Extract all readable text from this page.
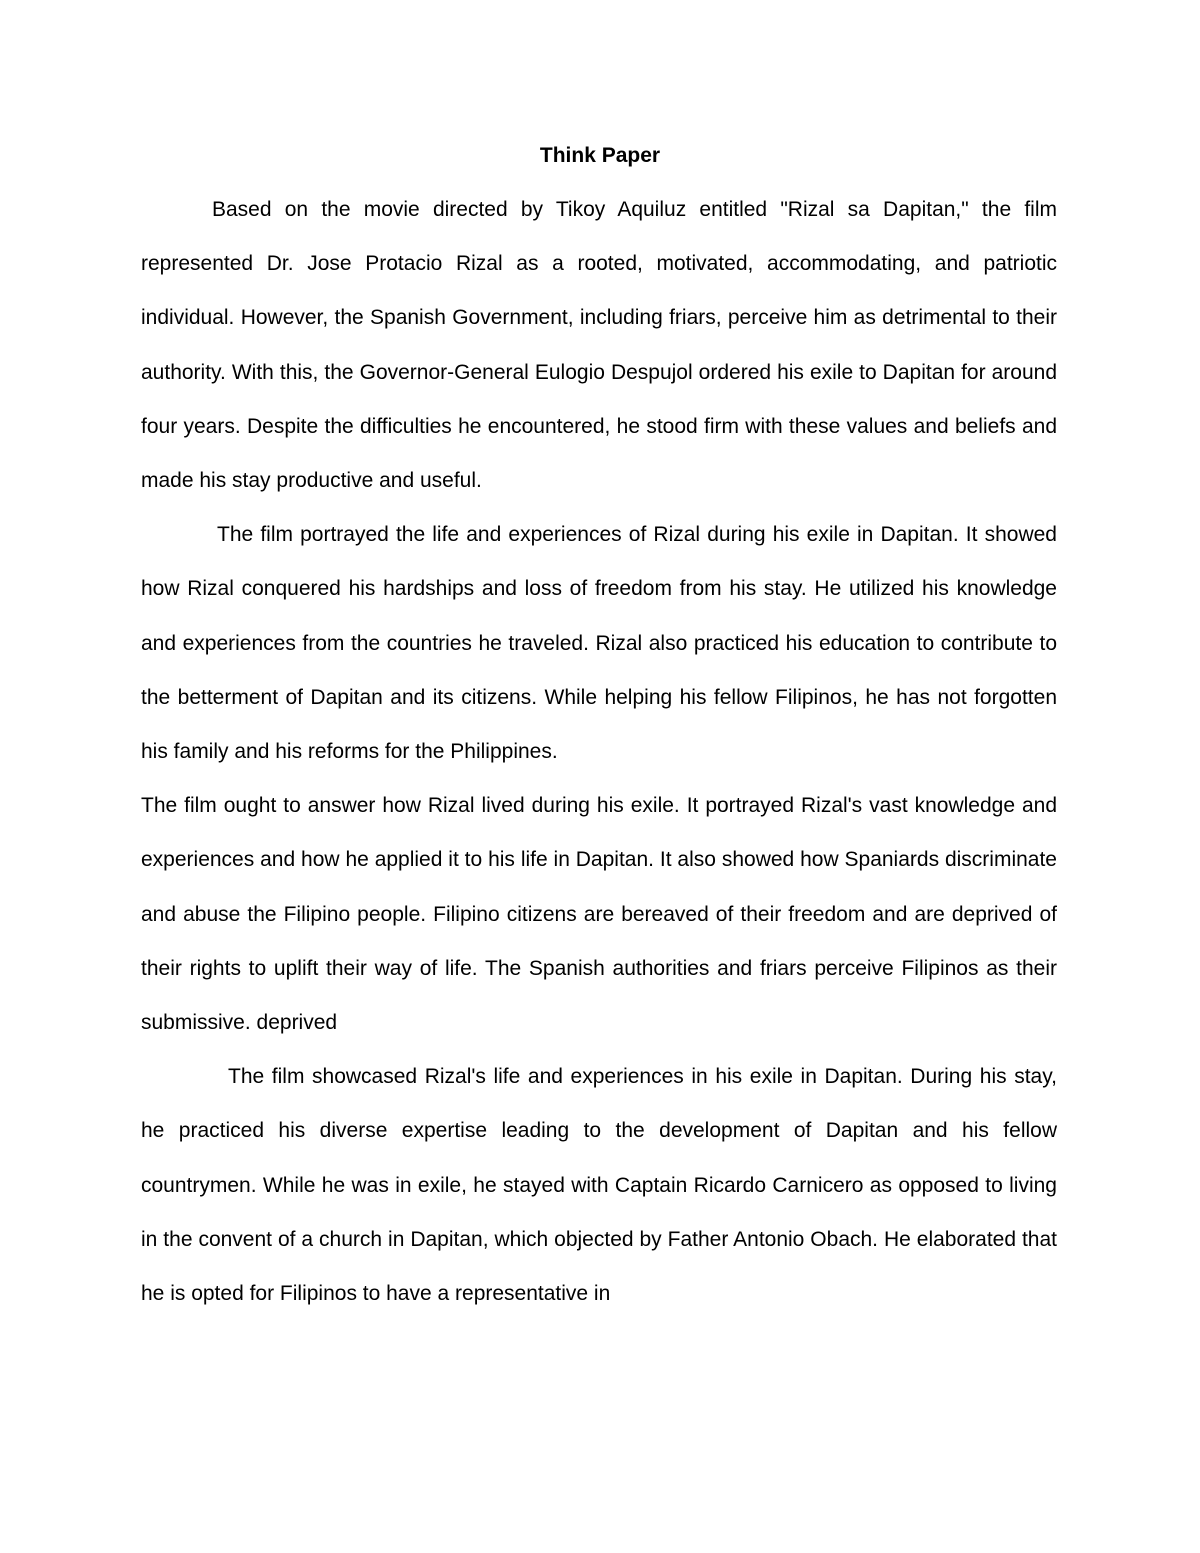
Think Paper

Based on the movie directed by Tikoy Aquiluz entitled "Rizal sa Dapitan," the film represented Dr. Jose Protacio Rizal as a rooted, motivated, accommodating, and patriotic individual. However, the Spanish Government, including friars, perceive him as detrimental to their authority. With this, the Governor-General Eulogio Despujol ordered his exile to Dapitan for around four years. Despite the difficulties he encountered, he stood firm with these values and beliefs and made his stay productive and useful.

The film portrayed the life and experiences of Rizal during his exile in Dapitan. It showed how Rizal conquered his hardships and loss of freedom from his stay. He utilized his knowledge and experiences from the countries he traveled. Rizal also practiced his education to contribute to the betterment of Dapitan and its citizens. While helping his fellow Filipinos, he has not forgotten his family and his reforms for the Philippines.

The film ought to answer how Rizal lived during his exile. It portrayed Rizal's vast knowledge and experiences and how he applied it to his life in Dapitan. It also showed how Spaniards discriminate and abuse the Filipino people. Filipino citizens are bereaved of their freedom and are deprived of their rights to uplift their way of life. The Spanish authorities and friars perceive Filipinos as their submissive. deprived

The film showcased Rizal's life and experiences in his exile in Dapitan. During his stay, he practiced his diverse expertise leading to the development of Dapitan and his fellow countrymen. While he was in exile, he stayed with Captain Ricardo Carnicero as opposed to living in the convent of a church in Dapitan, which objected by Father Antonio Obach. He elaborated that he is opted for Filipinos to have a representative in
